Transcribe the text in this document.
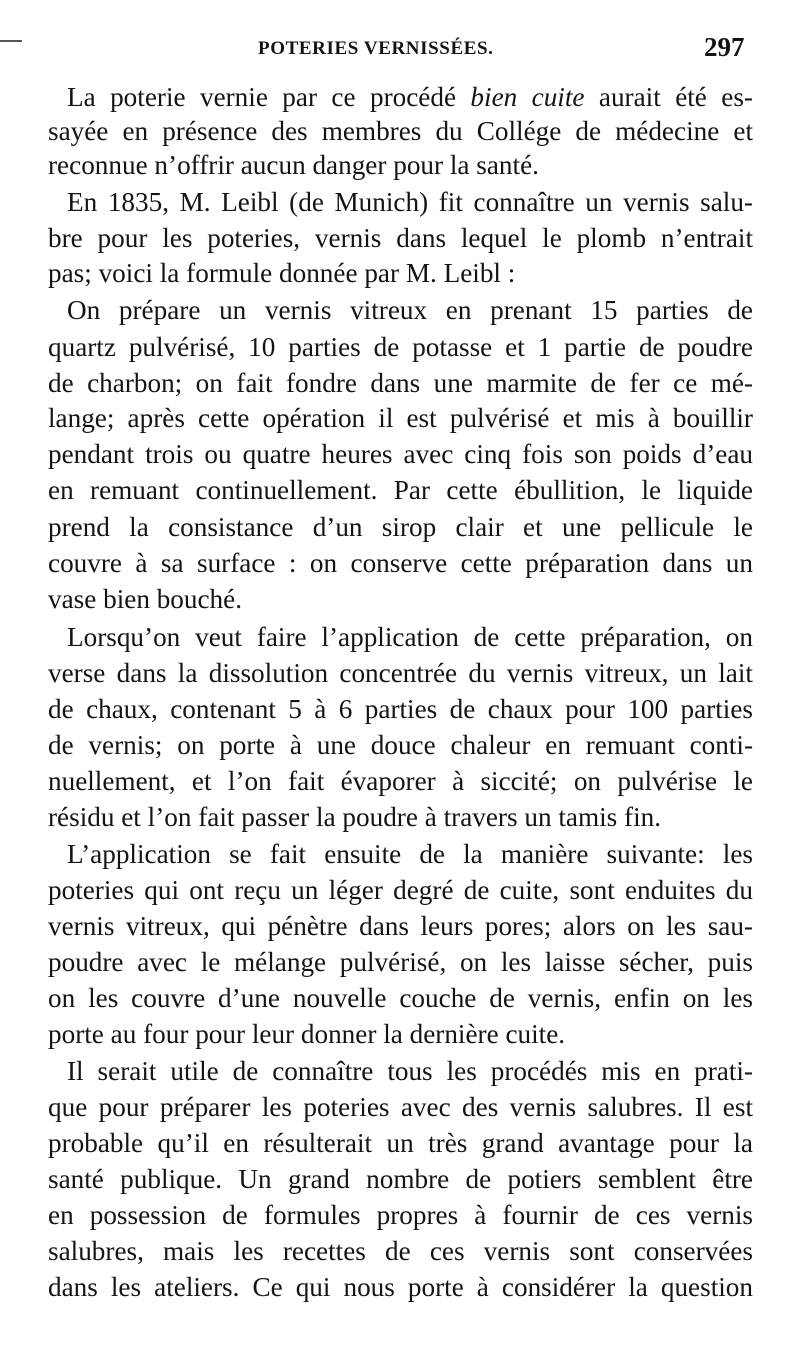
POTERIES VERNISSÉES.	297
La poterie vernie par ce procédé bien cuite aurait été es-
sayée en présence des membres du Collége de médecine et
reconnue n’offrir aucun danger pour la santé.
En 1835, M. Leibl (de Munich) fit connaître un vernis salu-
bre pour les poteries, vernis dans lequel le plomb n’entrait
pas; voici la formule donnée par M. Leibl :
On prépare un vernis vitreux en prenant 15 parties de
quartz pulvérisé, 10 parties de potasse et 1 partie de poudre
de charbon; on fait fondre dans une marmite de fer ce mé-
lange; après cette opération il est pulvérisé et mis à bouillir
pendant trois ou quatre heures avec cinq fois son poids d’eau
en remuant continuellement. Par cette ébullition, le liquide
prend la consistance d’un sirop clair et une pellicule le
couvre à sa surface : on conserve cette préparation dans un
vase bien bouché.
Lorsqu’on veut faire l’application de cette préparation, on
verse dans la dissolution concentrée du vernis vitreux, un lait
de chaux, contenant 5 à 6 parties de chaux pour 100 parties
de vernis; on porte à une douce chaleur en remuant conti-
nuellement, et l’on fait évaporer à siccité; on pulvérise le
résidu et l’on fait passer la poudre à travers un tamis fin.
L’application se fait ensuite de la manière suivante: les
poteries qui ont reçu un léger degré de cuite, sont enduites du
vernis vitreux, qui pénètre dans leurs pores; alors on les sau-
poudre avec le mélange pulvérisé, on les laisse sécher, puis
on les couvre d’une nouvelle couche de vernis, enfin on les
porte au four pour leur donner la dernière cuite.
Il serait utile de connaître tous les procédés mis en prati-
que pour préparer les poteries avec des vernis salubres. Il est
probable qu’il en résulterait un très grand avantage pour la
santé publique. Un grand nombre de potiers semblent être
en possession de formules propres à fournir de ces vernis
salubres, mais les recettes de ces vernis sont conservées
dans les ateliers. Ce qui nous porte à considérer la question
